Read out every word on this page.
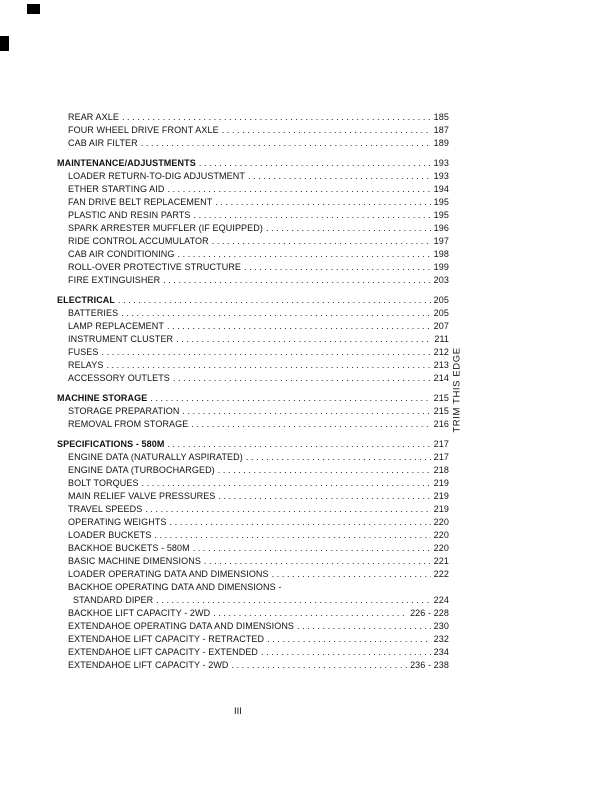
REAR AXLE .....	185
FOUR WHEEL DRIVE FRONT AXLE .....	187
CAB AIR FILTER .....	189
MAINTENANCE/ADJUSTMENTS .....	193
LOADER RETURN-TO-DIG ADJUSTMENT .....	193
ETHER STARTING AID .....	194
FAN DRIVE BELT REPLACEMENT .....	195
PLASTIC AND RESIN PARTS .....	195
SPARK ARRESTER MUFFLER (IF EQUIPPED) .....	196
RIDE CONTROL ACCUMULATOR .....	197
CAB AIR CONDITIONING .....	198
ROLL-OVER PROTECTIVE STRUCTURE .....	199
FIRE EXTINGUISHER .....	203
ELECTRICAL .....	205
BATTERIES .....	205
LAMP REPLACEMENT .....	207
INSTRUMENT CLUSTER .....	211
FUSES .....	212
RELAYS .....	213
ACCESSORY OUTLETS .....	214
MACHINE STORAGE .....	215
STORAGE PREPARATION .....	215
REMOVAL FROM STORAGE .....	216
SPECIFICATIONS - 580M .....	217
ENGINE DATA (NATURALLY ASPIRATED) .....	217
ENGINE DATA (TURBOCHARGED) .....	218
BOLT TORQUES .....	219
MAIN RELIEF VALVE PRESSURES .....	219
TRAVEL SPEEDS .....	219
OPERATING WEIGHTS .....	220
LOADER BUCKETS .....	220
BACKHOE BUCKETS - 580M .....	220
BASIC MACHINE DIMENSIONS .....	221
LOADER OPERATING DATA AND DIMENSIONS .....	222
BACKHOE OPERATING DATA AND DIMENSIONS -
STANDARD DIPER .....	224
BACKHOE LIFT CAPACITY - 2WD .....	226 - 228
EXTENDAHOE OPERATING DATA AND DIMENSIONS .....	230
EXTENDAHOE LIFT CAPACITY - RETRACTED .....	232
EXTENDAHOE LIFT CAPACITY - EXTENDED .....	234
EXTENDAHOE LIFT CAPACITY - 2WD .....	236 - 238
TRIM THIS EDGE
III
